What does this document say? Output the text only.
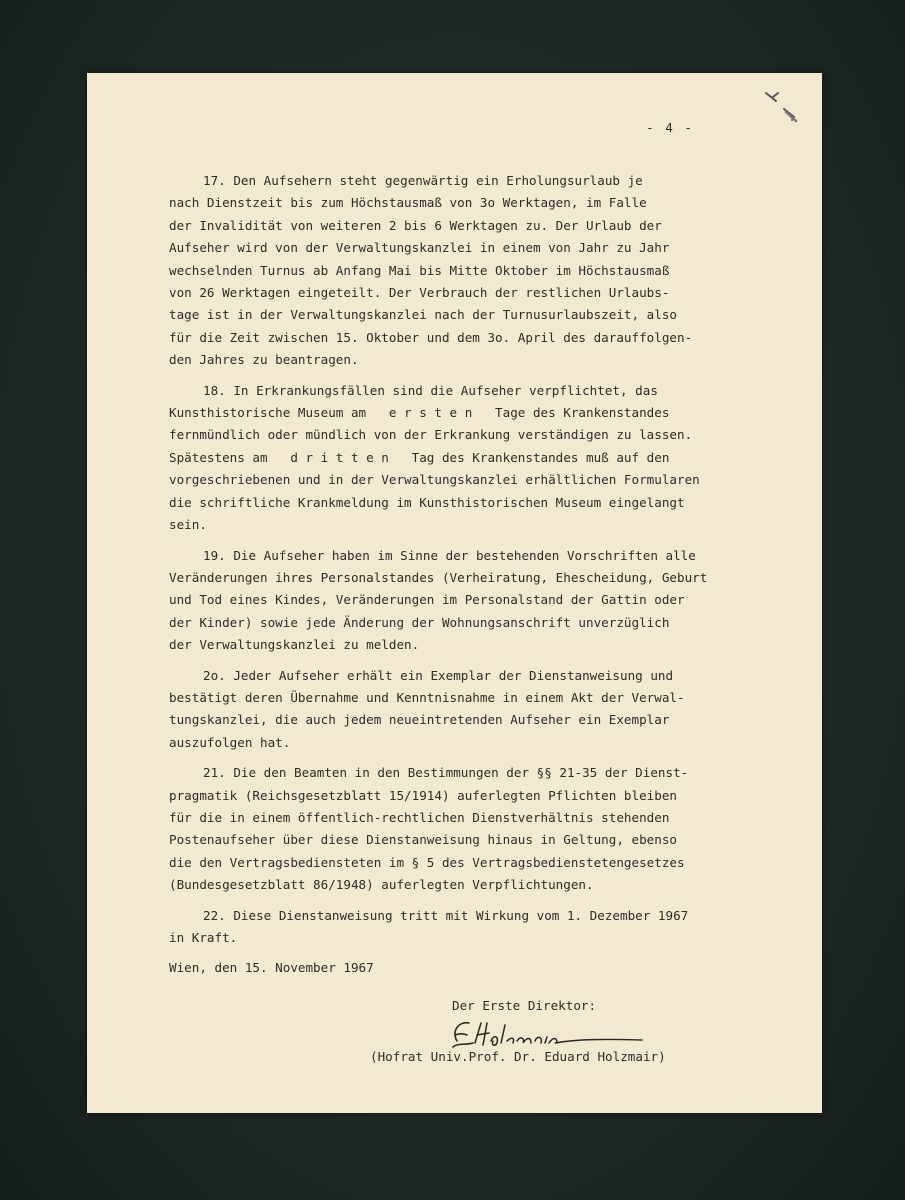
- 4 -
17. Den Aufsehern steht gegenwärtig ein Erholungsurlaub je
nach Dienstzeit bis zum Höchstausmaß von 3o Werktagen, im Falle
der Invalidität von weiteren 2 bis 6 Werktagen zu. Der Urlaub der
Aufseher wird von der Verwaltungskanzlei in einem von Jahr zu Jahr
wechselnden Turnus ab Anfang Mai bis Mitte Oktober im Höchstausmaß
von 26 Werktagen eingeteilt. Der Verbrauch der restlichen Urlaubs-
tage ist in der Verwaltungskanzlei nach der Turnusurlaubszeit, also
für die Zeit zwischen 15. Oktober und dem 3o. April des darauffolgen-
den Jahres zu beantragen.
18. In Erkrankungsfällen sind die Aufseher verpflichtet, das
Kunsthistorische Museum am   e r s t e n   Tage des Krankenstandes
fernmündlich oder mündlich von der Erkrankung verständigen zu lassen.
Spätestens am   d r i t t e n   Tag des Krankenstandes muß auf den
vorgeschriebenen und in der Verwaltungskanzlei erhältlichen Formularen
die schriftliche Krankmeldung im Kunsthistorischen Museum eingelangt
sein.
19. Die Aufseher haben im Sinne der bestehenden Vorschriften alle
Veränderungen ihres Personalstandes (Verheiratung, Ehescheidung, Geburt
und Tod eines Kindes, Veränderungen im Personalstand der Gattin oder
der Kinder) sowie jede Änderung der Wohnungsanschrift unverzüglich
der Verwaltungskanzlei zu melden.
2o. Jeder Aufseher erhält ein Exemplar der Dienstanweisung und
bestätigt deren Übernahme und Kenntnisnahme in einem Akt der Verwal-
tungskanzlei, die auch jedem neueintretenden Aufseher ein Exemplar
auszufolgen hat.
21. Die den Beamten in den Bestimmungen der §§ 21-35 der Dienst-
pragmatik (Reichsgesetzblatt 15/1914) auferlegten Pflichten bleiben
für die in einem öffentlich-rechtlichen Dienstverhältnis stehenden
Postenaufseher über diese Dienstanweisung hinaus in Geltung, ebenso
die den Vertragsbediensteten im § 5 des Vertragsbedienstetengesetzes
(Bundesgesetzblatt 86/1948) auferlegten Verpflichtungen.
22. Diese Dienstanweisung tritt mit Wirkung vom 1. Dezember 1967
in Kraft.
Wien, den 15. November 1967
Der Erste Direktor:
(Hofrat Univ.Prof. Dr. Eduard Holzmair)
